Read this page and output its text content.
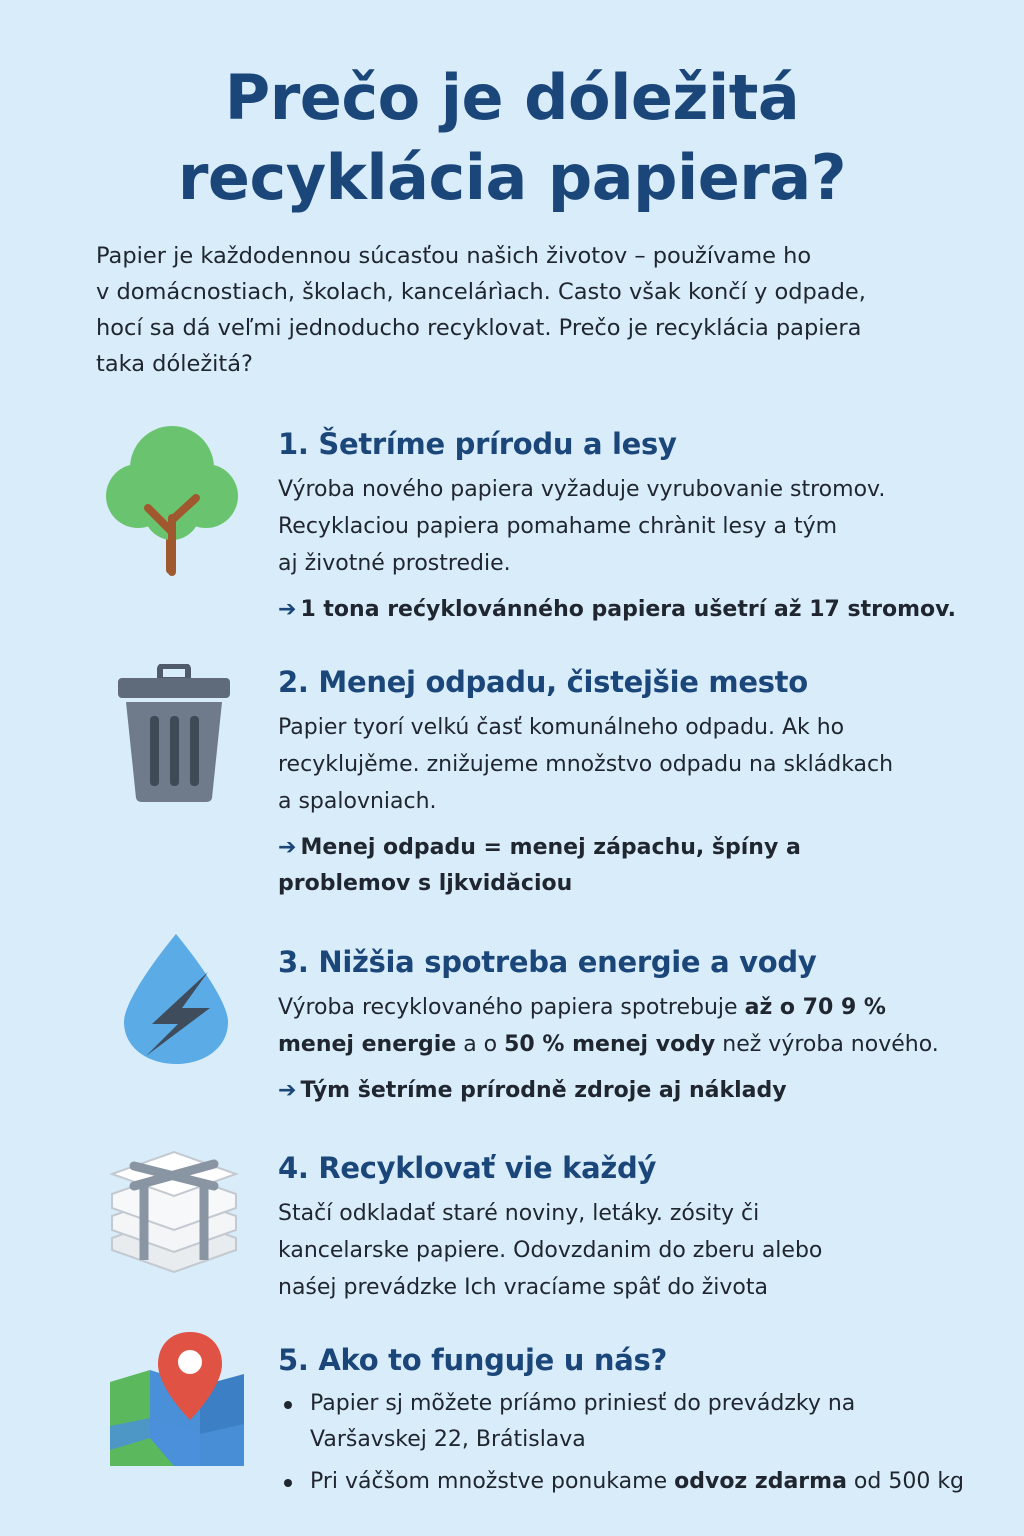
Prečo je dóležitá
recyklácia papiera?

Papier je každodennou súcasťou našich životov – používame ho
v domácnostiach, školach, kancelárìach. Casto však končí y odpade,
hocí sa dá veľmi jednoducho recyklovat. Prečo je recyklácia papiera
taka dóležitá?

1. Šetríme prírodu a lesy

Výroba nového papiera vyžaduje vyrubovanie stromov.
Recyklaciou papiera pomahame chrànit lesy a tým
aj životné prostredie.

➔ 1 tona rećyklovánného papiera ušetrí až 17 stromov.

2. Menej odpadu, čistejšie mesto

Papier tyorí velkú časť komunálneho odpadu. Ak ho
recyklujěme. znižujeme množstvo odpadu na skládkach
a spalovniach.

➔ Menej odpadu = menej zápachu, špíny a
problemov s ljkvidăciou

3. Nižšia spotreba energie a vody

Výroba recyklovaného papiera spotrebuje až o 70 9 %
menej energie a o 50 % menej vody než výroba nového.

➔ Tým šetríme prírodně zdroje aj náklady

4. Recyklovať vie každý

Stačí odkladať staré noviny, letáky. zósity či
kancelarske papiere. Odovzdanim do zberu alebo
naśej prevádzke Ich vracíame spâť do života

5. Ako to funguje u nás?
Papier sj mõžete príámo priniesť do prevádzky na
Varšavskej 22, Brátislava
Pri váčšom množstve ponukame odvoz zdarma od 500 kg
